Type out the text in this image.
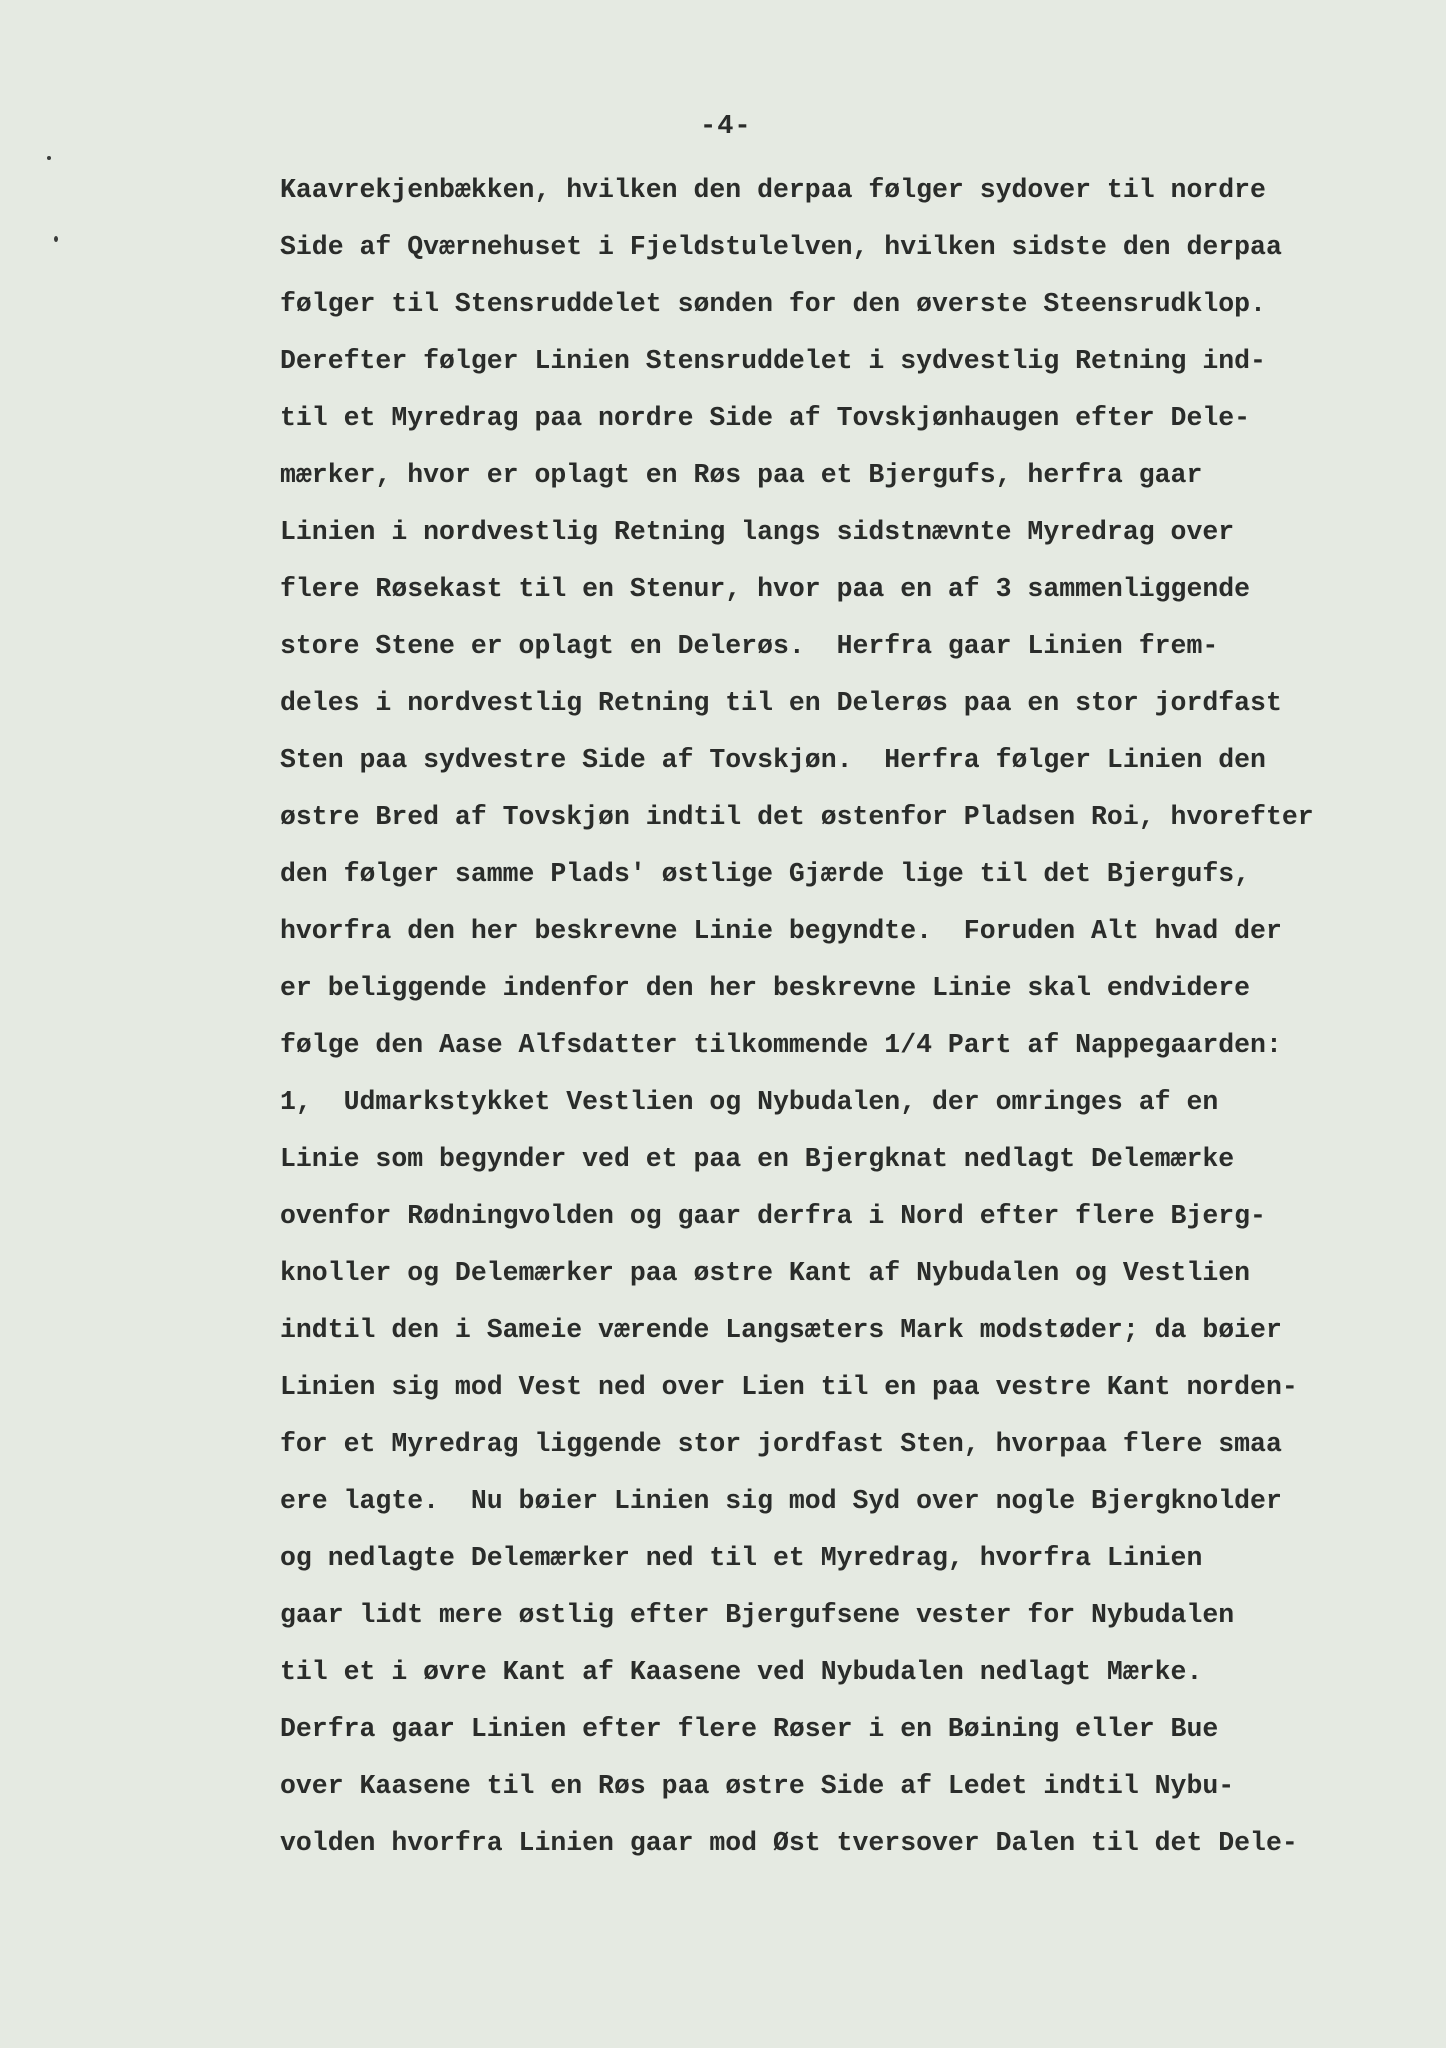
-4-

Kaavrekjenbækken, hvilken den derpaa følger sydover til nordre
Side af Qværnehuset i Fjeldstulelven, hvilken sidste den derpaa
følger til Stensruddelet sønden for den øverste Steensrudklop.
Derefter følger Linien Stensruddelet i sydvestlig Retning ind-
til et Myredrag paa nordre Side af Tovskjønhaugen efter Dele-
mærker, hvor er oplagt en Røs paa et Bjergufs, herfra gaar
Linien i nordvestlig Retning langs sidstnævnte Myredrag over
flere Røsekast til en Stenur, hvor paa en af 3 sammenliggende
store Stene er oplagt en Delerøs.  Herfra gaar Linien frem-
deles i nordvestlig Retning til en Delerøs paa en stor jordfast
Sten paa sydvestre Side af Tovskjøn.  Herfra følger Linien den
østre Bred af Tovskjøn indtil det østenfor Pladsen Roi, hvorefter
den følger samme Plads' østlige Gjærde lige til det Bjergufs,
hvorfra den her beskrevne Linie begyndte.  Foruden Alt hvad der
er beliggende indenfor den her beskrevne Linie skal endvidere
følge den Aase Alfsdatter tilkommende 1/4 Part af Nappegaarden:
1,  Udmarkstykket Vestlien og Nybudalen, der omringes af en
Linie som begynder ved et paa en Bjergknat nedlagt Delemærke
ovenfor Rødningvolden og gaar derfra i Nord efter flere Bjerg-
knoller og Delemærker paa østre Kant af Nybudalen og Vestlien
indtil den i Sameie værende Langsæters Mark modstøder; da bøier
Linien sig mod Vest ned over Lien til en paa vestre Kant norden-
for et Myredrag liggende stor jordfast Sten, hvorpaa flere smaa
ere lagte.  Nu bøier Linien sig mod Syd over nogle Bjergknolder
og nedlagte Delemærker ned til et Myredrag, hvorfra Linien
gaar lidt mere østlig efter Bjergufsene vester for Nybudalen
til et i øvre Kant af Kaasene ved Nybudalen nedlagt Mærke.
Derfra gaar Linien efter flere Røser i en Bøining eller Bue
over Kaasene til en Røs paa østre Side af Ledet indtil Nybu-
volden hvorfra Linien gaar mod Øst tversover Dalen til det Dele-
